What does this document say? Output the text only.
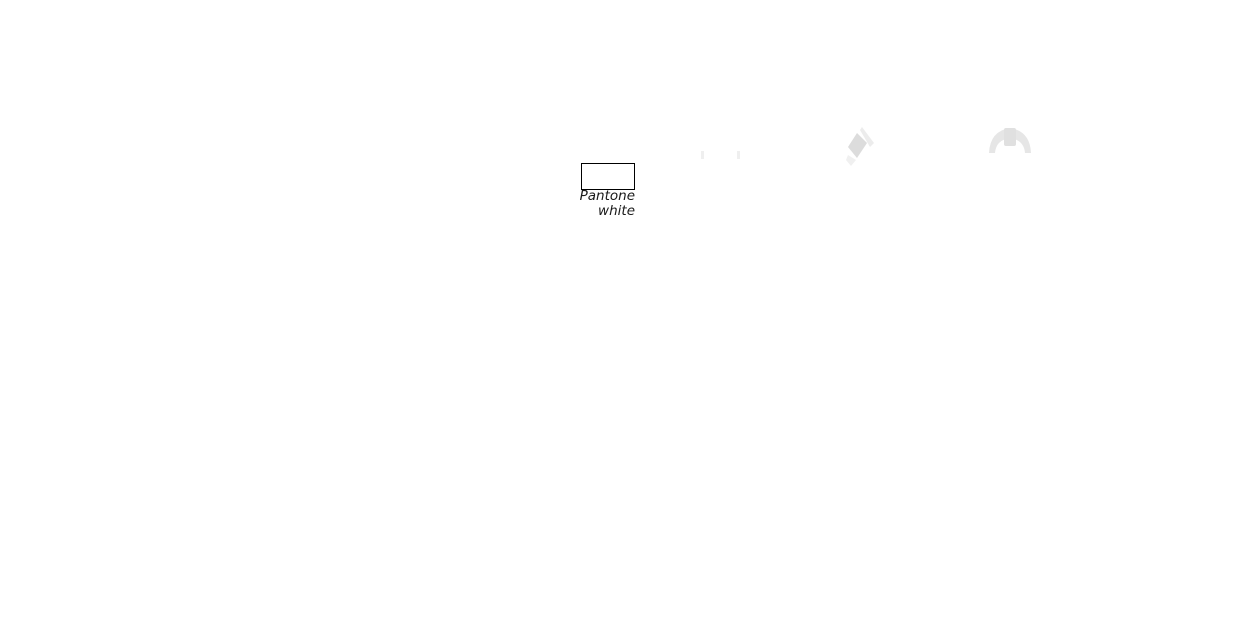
Pantone
white
